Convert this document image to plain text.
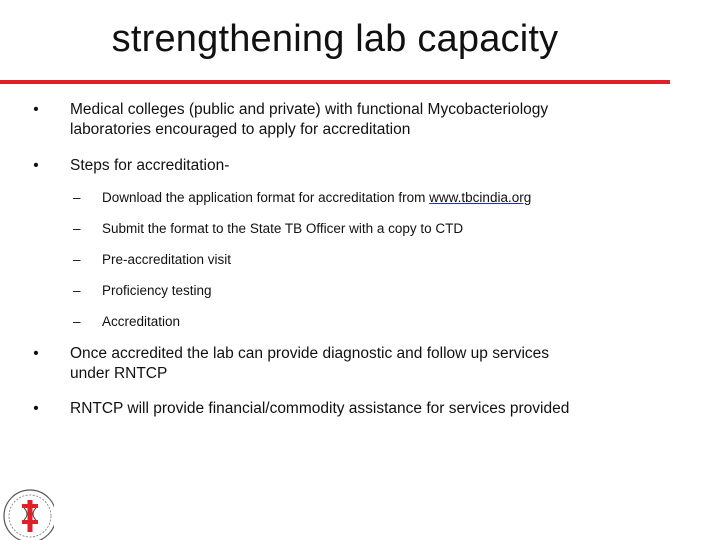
strengthening lab capacity
• Medical colleges (public and private) with functional Mycobacteriology laboratories encouraged to apply for accreditation
• Steps for accreditation-
– Download the application format for accreditation from www.tbcindia.org
– Submit the format to the State TB Officer with a copy to CTD
– Pre-accreditation visit
– Proficiency testing
– Accreditation
• Once accredited the lab can provide diagnostic and follow up services under RNTCP
• RNTCP will provide financial/commodity assistance for services provided
